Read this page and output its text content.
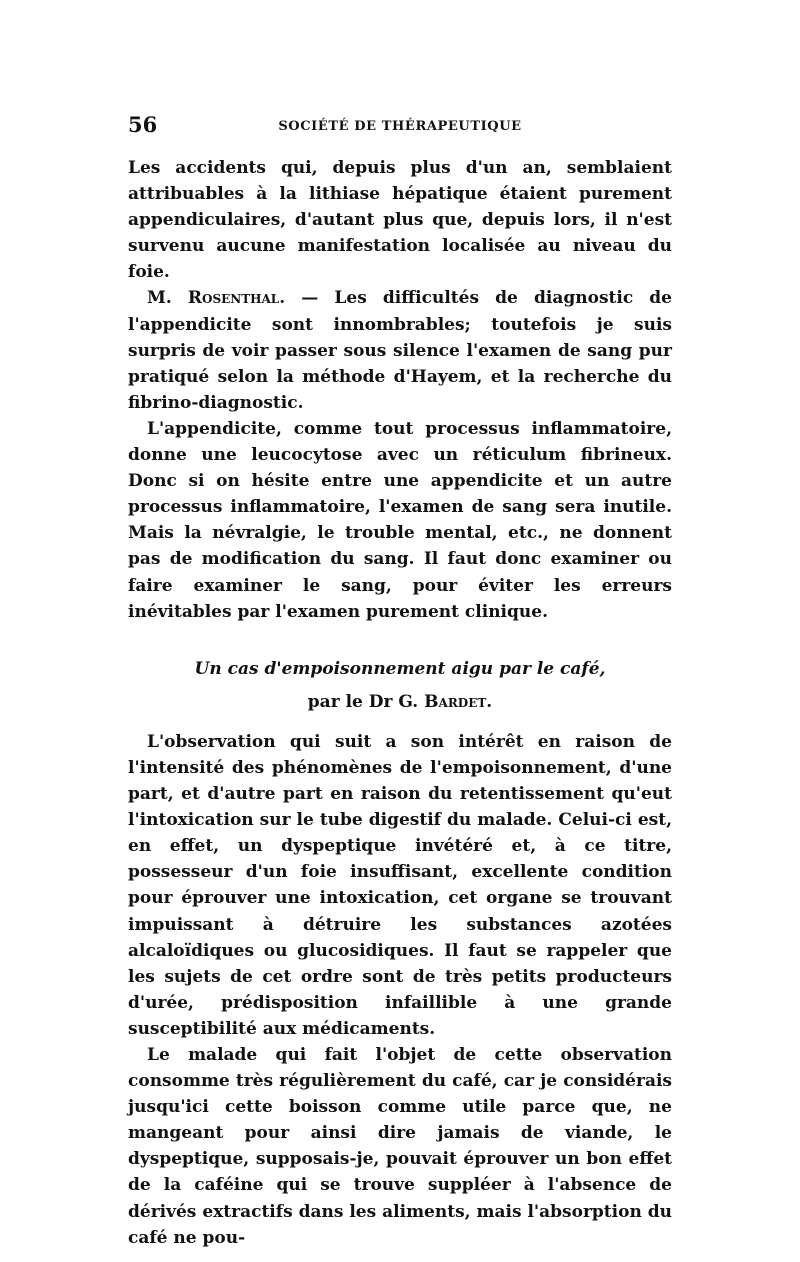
56	SOCIÉTÉ DE THÉRAPEUTIQUE

Les accidents qui, depuis plus d'un an, semblaient attribuables à la lithiase hépatique étaient purement appendiculaires, d'autant plus que, depuis lors, il n'est survenu aucune manifestation localisée au niveau du foie.

M. Rosenthal. — Les difficultés de diagnostic de l'appendicite sont innombrables; toutefois je suis surpris de voir passer sous silence l'examen de sang pur pratiqué selon la méthode d'Hayem, et la recherche du fibrino-diagnostic.

L'appendicite, comme tout processus inflammatoire, donne une leucocytose avec un réticulum fibrineux. Donc si on hésite entre une appendicite et un autre processus inflammatoire, l'examen de sang sera inutile. Mais la névralgie, le trouble mental, etc., ne donnent pas de modification du sang. Il faut donc examiner ou faire examiner le sang, pour éviter les erreurs inévitables par l'examen purement clinique.

Un cas d'empoisonnement aigu par le café,

par le Dr G. Bardet.

L'observation qui suit a son intérêt en raison de l'intensité des phénomènes de l'empoisonnement, d'une part, et d'autre part en raison du retentissement qu'eut l'intoxication sur le tube digestif du malade. Celui-ci est, en effet, un dyspeptique invétéré et, à ce titre, possesseur d'un foie insuffisant, excellente condition pour éprouver une intoxication, cet organe se trouvant impuissant à détruire les substances azotées alcaloïdiques ou glucosidiques. Il faut se rappeler que les sujets de cet ordre sont de très petits producteurs d'urée, prédisposition infaillible à une grande susceptibilité aux médicaments.

Le malade qui fait l'objet de cette observation consomme très régulièrement du café, car je considérais jusqu'ici cette boisson comme utile parce que, ne mangeant pour ainsi dire jamais de viande, le dyspeptique, supposais-je, pouvait éprouver un bon effet de la caféine qui se trouve suppléer à l'absence de dérivés extractifs dans les aliments, mais l'absorption du café ne pou-
